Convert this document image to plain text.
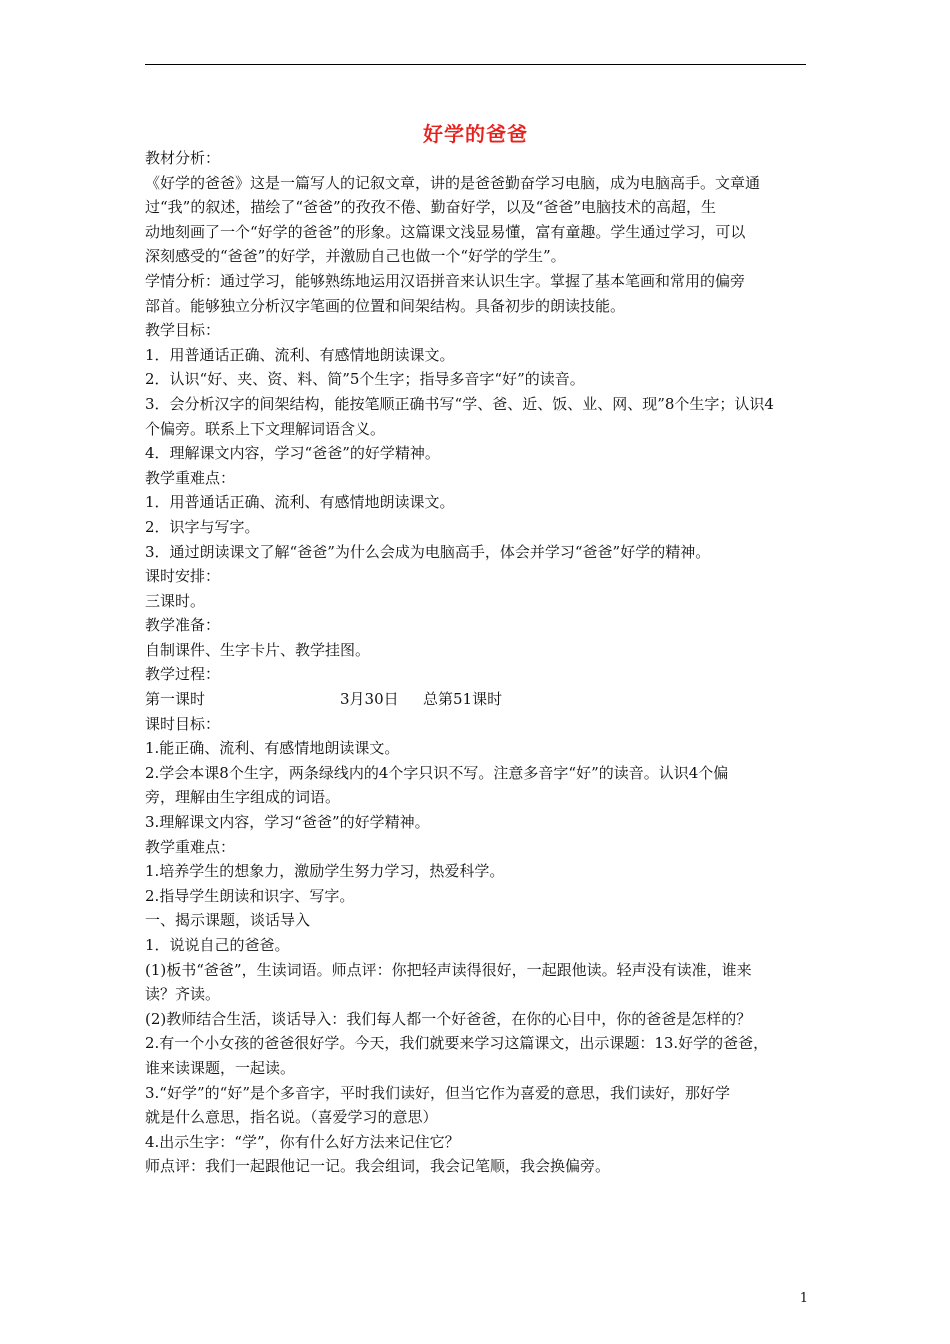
好学的爸爸
教材分析：
《好学的爸爸》这是一篇写人的记叙文章，讲的是爸爸勤奋学习电脑，成为电脑高手。文章通
过“我”的叙述，描绘了“爸爸”的孜孜不倦、勤奋好学，以及“爸爸”电脑技术的高超，生
动地刻画了一个“好学的爸爸”的形象。这篇课文浅显易懂，富有童趣。学生通过学习，可以
深刻感受的“爸爸”的好学，并激励自己也做一个“好学的学生”。
学情分析：通过学习，能够熟练地运用汉语拼音来认识生字。掌握了基本笔画和常用的偏旁
部首。能够独立分析汉字笔画的位置和间架结构。具备初步的朗读技能。
教学目标：
1．用普通话正确、流利、有感情地朗读课文。
2．认识“好、夹、资、料、简”5个生字；指导多音字“好”的读音。
3．会分析汉字的间架结构，能按笔顺正确书写“学、爸、近、饭、业、网、现”8个生字；认识4
个偏旁。联系上下文理解词语含义。
4．理解课文内容，学习“爸爸”的好学精神。
教学重难点：
1．用普通话正确、流利、有感情地朗读课文。
2．识字与写字。
3．通过朗读课文了解“爸爸”为什么会成为电脑高手，体会并学习“爸爸”好学的精神。
课时安排：
三课时。
教学准备：
自制课件、生字卡片、教学挂图。
教学过程：
第一课时	3月30日 总第51课时
课时目标：
1.能正确、流利、有感情地朗读课文。
2.学会本课8个生字，两条绿线内的4个字只识不写。注意多音字“好”的读音。认识4个偏
旁，理解由生字组成的词语。
3.理解课文内容，学习“爸爸”的好学精神。
教学重难点：
1.培养学生的想象力，激励学生努力学习，热爱科学。
2.指导学生朗读和识字、写字。
一、揭示课题，谈话导入
1．说说自己的爸爸。
(1)板书“爸爸”，生读词语。师点评：你把轻声读得很好，一起跟他读。轻声没有读准，谁来
读？齐读。
(2)教师结合生活，谈话导入：我们每人都一个好爸爸，在你的心目中，你的爸爸是怎样的？
2.有一个小女孩的爸爸很好学。今天，我们就要来学习这篇课文，出示课题：13.好学的爸爸，
谁来读课题，一起读。
3.“好学”的“好”是个多音字，平时我们读好，但当它作为喜爱的意思，我们读好，那好学
就是什么意思，指名说。（喜爱学习的意思）
4.出示生字：“学”，你有什么好方法来记住它？
师点评：我们一起跟他记一记。我会组词，我会记笔顺，我会换偏旁。
1
